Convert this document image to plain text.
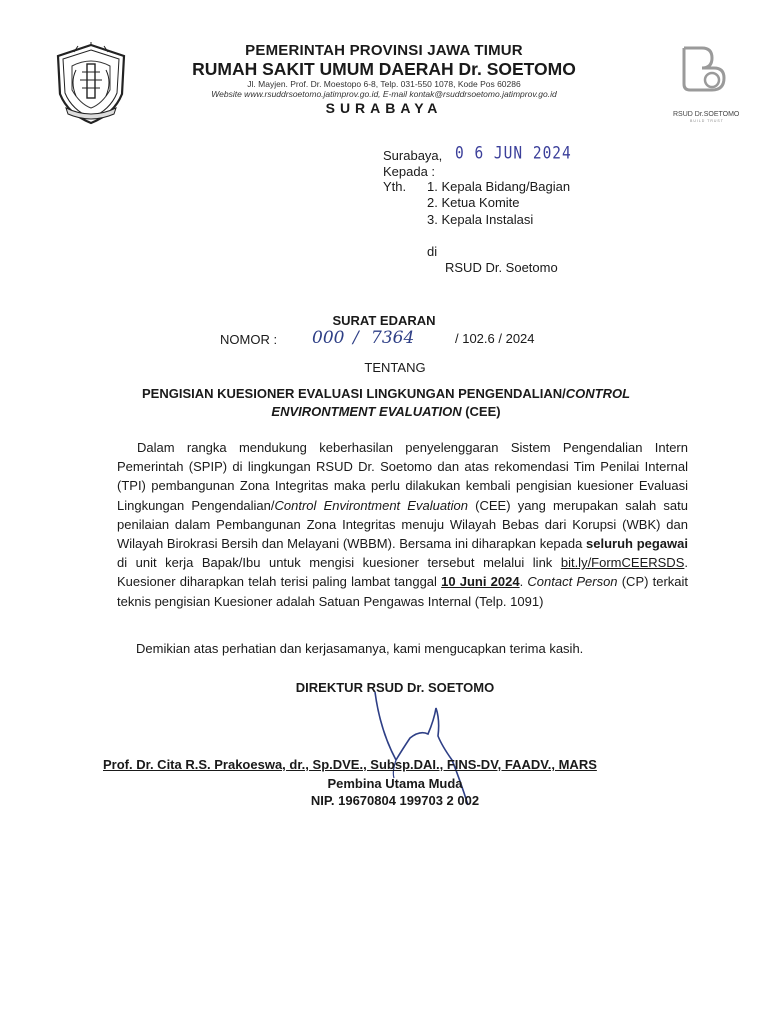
PEMERINTAH PROVINSI JAWA TIMUR
RUMAH SAKIT UMUM DAERAH Dr. SOETOMO
Jl. Mayjen. Prof. Dr. Moestopo 6-8, Telp. 031-550 1078, Kode Pos 60286
Website www.rsuddrsoetomo.jatimprov.go.id, E-mail kontak@rsuddrsoetomo.jatimprov.go.id
SURABAYA	RSUD Dr.SOETOMO
BUILD TRUST
Surabaya, 0 6 JUN 2024
Kepada :
Yth. 1. Kepala Bidang/Bagian
2. Ketua Komite
3. Kepala Instalasi
di
RSUD Dr. Soetomo
SURAT EDARAN
NOMOR : 000 / 7364	/ 102.6 / 2024
TENTANG
PENGISIAN KUESIONER EVALUASI LINGKUNGAN PENGENDALIAN/CONTROL
ENVIRONTMENT EVALUATION (CEE)
Dalam rangka mendukung keberhasilan penyelenggaran Sistem Pengendalian Intern Pemerintah (SPIP) di lingkungan RSUD Dr. Soetomo dan atas rekomendasi Tim Penilai Internal (TPI) pembangunan Zona Integritas maka perlu dilakukan kembali pengisian kuesioner Evaluasi Lingkungan Pengendalian/Control Environtment Evaluation (CEE) yang merupakan salah satu penilaian dalam Pembangunan Zona Integritas menuju Wilayah Bebas dari Korupsi (WBK) dan Wilayah Birokrasi Bersih dan Melayani (WBBM). Bersama ini diharapkan kepada seluruh pegawai di unit kerja Bapak/Ibu untuk mengisi kuesioner tersebut melalui link bit.ly/FormCEERSDS. Kuesioner diharapkan telah terisi paling lambat tanggal 10 Juni 2024. Contact Person (CP) terkait teknis pengisian Kuesioner adalah Satuan Pengawas Internal (Telp. 1091)
Demikian atas perhatian dan kerjasamanya, kami mengucapkan terima kasih.
DIREKTUR RSUD Dr. SOETOMO
Prof. Dr. Cita R.S. Prakoeswa, dr., Sp.DVE., Subsp.DAI., FINS-DV, FAADV., MARS
Pembina Utama Muda
NIP. 19670804 199703 2 002
